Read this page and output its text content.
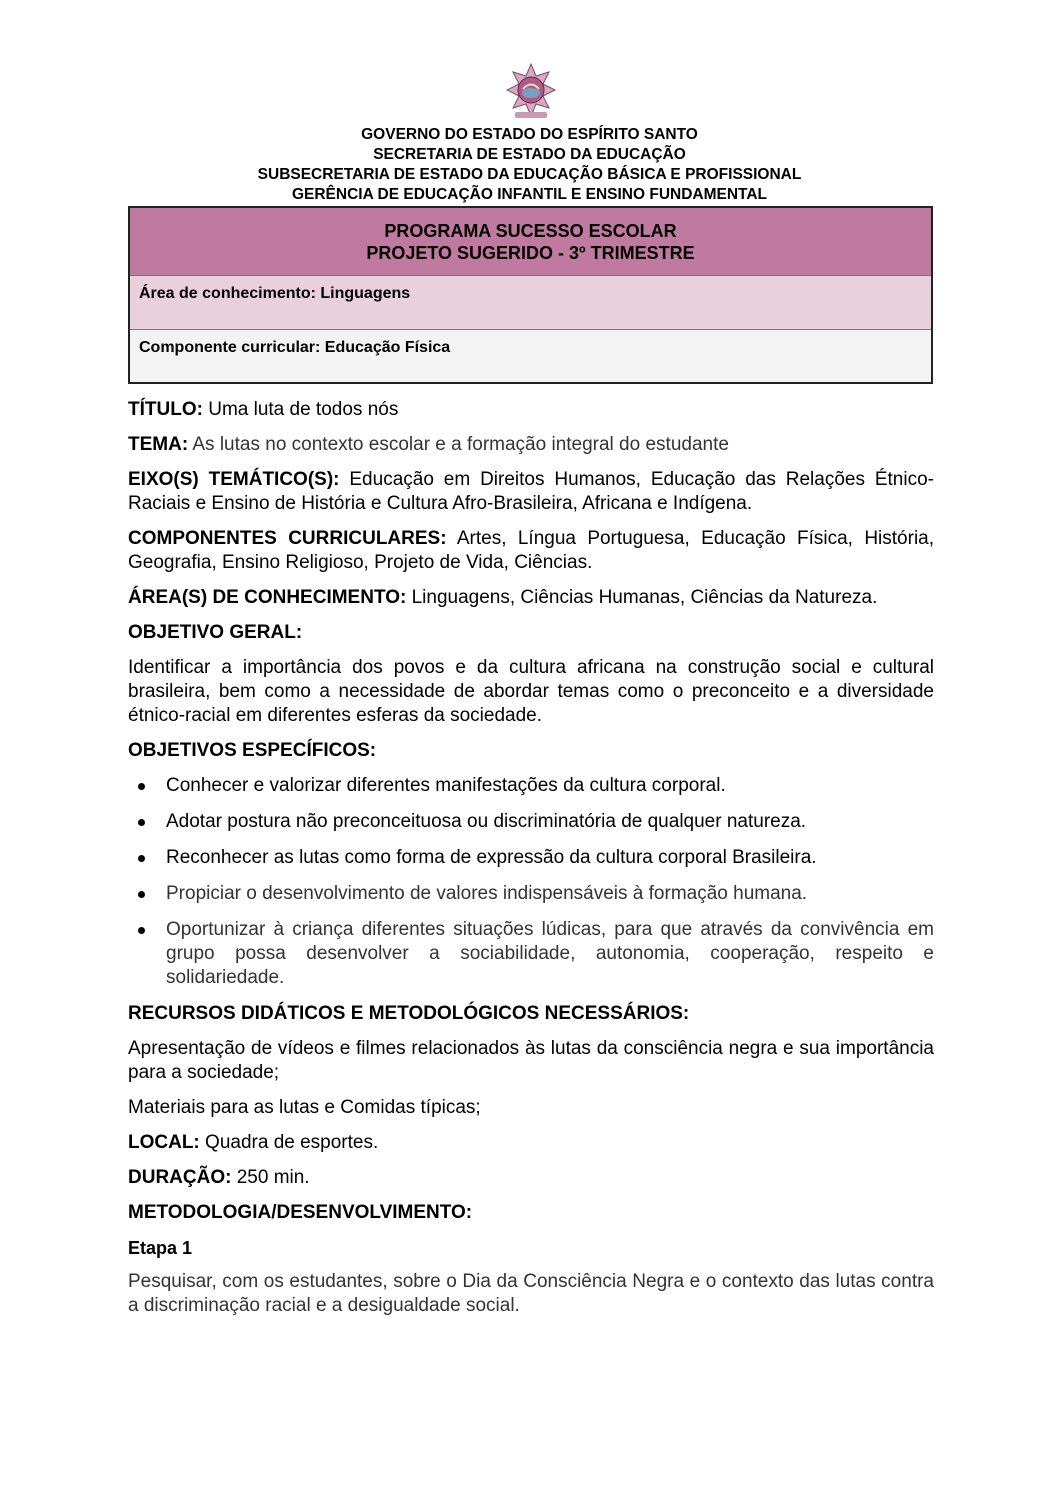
GOVERNO DO ESTADO DO ESPÍRITO SANTO
SECRETARIA DE ESTADO DA EDUCAÇÃO
SUBSECRETARIA DE ESTADO DA EDUCAÇÃO BÁSICA E PROFISSIONAL
GERÊNCIA DE EDUCAÇÃO INFANTIL E ENSINO FUNDAMENTAL
PROGRAMA SUCESSO ESCOLAR
PROJETO SUGERIDO - 3º TRIMESTRE
Área de conhecimento: Linguagens
Componente curricular: Educação Física

TÍTULO: Uma luta de todos nós

TEMA: As lutas no contexto escolar e a formação integral do estudante

EIXO(S) TEMÁTICO(S): Educação em Direitos Humanos, Educação das Relações Étnico-Raciais e Ensino de História e Cultura Afro-Brasileira, Africana e Indígena.

COMPONENTES CURRICULARES: Artes, Língua Portuguesa, Educação Física, História, Geografia, Ensino Religioso, Projeto de Vida, Ciências.

ÁREA(S) DE CONHECIMENTO: Linguagens, Ciências Humanas, Ciências da Natureza.

OBJETIVO GERAL:

Identificar a importância dos povos e da cultura africana na construção social e cultural brasileira, bem como a necessidade de abordar temas como o preconceito e a diversidade étnico-racial em diferentes esferas da sociedade.

OBJETIVOS ESPECÍFICOS:

Conhecer e valorizar diferentes manifestações da cultura corporal.
Adotar postura não preconceituosa ou discriminatória de qualquer natureza.
Reconhecer as lutas como forma de expressão da cultura corporal Brasileira.
Propiciar o desenvolvimento de valores indispensáveis à formação humana.
Oportunizar à criança diferentes situações lúdicas, para que através da convivência em grupo possa desenvolver a sociabilidade, autonomia, cooperação, respeito e solidariedade.

RECURSOS DIDÁTICOS E METODOLÓGICOS NECESSÁRIOS:

Apresentação de vídeos e filmes relacionados às lutas da consciência negra e sua importância para a sociedade;

Materiais para as lutas e Comidas típicas;

LOCAL: Quadra de esportes.

DURAÇÃO: 250 min.

METODOLOGIA/DESENVOLVIMENTO:

Etapa 1

Pesquisar, com os estudantes, sobre o Dia da Consciência Negra e o contexto das lutas contra a discriminação racial e a desigualdade social.
